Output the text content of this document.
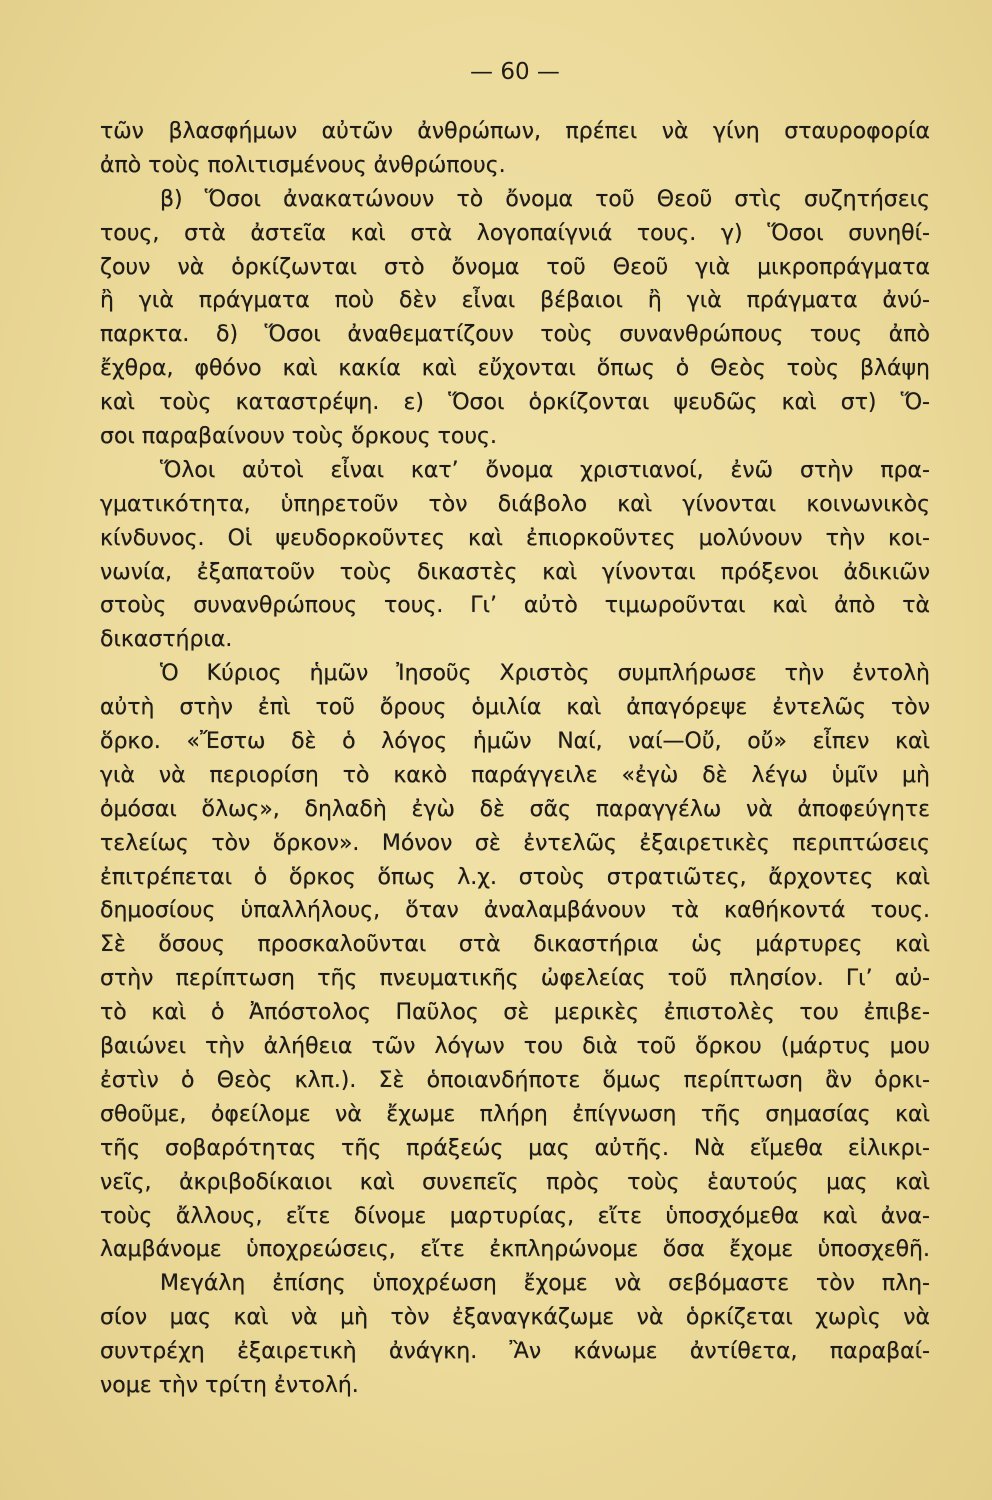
— 60 —
τῶν βλασφήμων αὐτῶν ἀνθρώπων, πρέπει νὰ γίνη σταυροφορία
ἀπὸ τοὺς πολιτισμένους ἀνθρώπους.
β) Ὅσοι ἀνακατώνουν τὸ ὄνομα τοῦ Θεοῦ στὶς συζητήσεις
τους, στὰ ἀστεῖα καὶ στὰ λογοπαίγνιά τους. γ) Ὅσοι συνηθί-
ζουν νὰ ὁρκίζωνται στὸ ὄνομα τοῦ Θεοῦ γιὰ μικροπράγματα
ἢ γιὰ πράγματα ποὺ δὲν εἶναι βέβαιοι ἢ γιὰ πράγματα ἀνύ-
παρκτα. δ) Ὅσοι ἀναθεματίζουν τοὺς συνανθρώπους τους ἀπὸ
ἔχθρα, φθόνο καὶ κακία καὶ εὔχονται ὅπως ὁ Θεὸς τοὺς βλάψη
καὶ τοὺς καταστρέψη. ε) Ὅσοι ὁρκίζονται ψευδῶς καὶ στ) Ὅ-
σοι παραβαίνουν τοὺς ὅρκους τους.
Ὅλοι αὐτοὶ εἶναι κατ’ ὄνομα χριστιανοί, ἐνῶ στὴν πρα-
γματικότητα, ὑπηρετοῦν τὸν διάβολο καὶ γίνονται κοινωνικὸς
κίνδυνος. Οἱ ψευδορκοῦντες καὶ ἐπιορκοῦντες μολύνουν τὴν κοι-
νωνία, ἐξαπατοῦν τοὺς δικαστὲς καὶ γίνονται πρόξενοι ἀδικιῶν
στοὺς συνανθρώπους τους. Γι’ αὐτὸ τιμωροῦνται καὶ ἀπὸ τὰ
δικαστήρια.
Ὁ Κύριος ἡμῶν Ἰησοῦς Χριστὸς συμπλήρωσε τὴν ἐντολὴ
αὐτὴ στὴν ἐπὶ τοῦ ὄρους ὁμιλία καὶ ἀπαγόρεψε ἐντελῶς τὸν
ὅρκο. «Ἔστω δὲ ὁ λόγος ἡμῶν Ναί, ναί—Οὔ, οὔ» εἶπεν καὶ
γιὰ νὰ περιορίση τὸ κακὸ παράγγειλε «ἐγὼ δὲ λέγω ὑμῖν μὴ
ὀμόσαι ὅλως», δηλαδὴ ἐγὼ δὲ σᾶς παραγγέλω νὰ ἀποφεύγητε
τελείως τὸν ὅρκον». Μόνον σὲ ἐντελῶς ἐξαιρετικὲς περιπτώσεις
ἐπιτρέπεται ὁ ὅρκος ὅπως λ.χ. στοὺς στρατιῶτες, ἄρχοντες καὶ
δημοσίους ὑπαλλήλους, ὅταν ἀναλαμβάνουν τὰ καθήκοντά τους.
Σὲ ὅσους προσκαλοῦνται στὰ δικαστήρια ὡς μάρτυρες καὶ
στὴν περίπτωση τῆς πνευματικῆς ὠφελείας τοῦ πλησίον. Γι’ αὐ-
τὸ καὶ ὁ Ἀπόστολος Παῦλος σὲ μερικὲς ἐπιστολὲς του ἐπιβε-
βαιώνει τὴν ἀλήθεια τῶν λόγων του διὰ τοῦ ὅρκου (μάρτυς μου
ἐστὶν ὁ Θεὸς κλπ.). Σὲ ὁποιανδήποτε ὅμως περίπτωση ἂν ὁρκι-
σθοῦμε, ὀφείλομε νὰ ἔχωμε πλήρη ἐπίγνωση τῆς σημασίας καὶ
τῆς σοβαρότητας τῆς πράξεώς μας αὐτῆς. Νὰ εἴμεθα εἰλικρι-
νεῖς, ἀκριβοδίκαιοι καὶ συνεπεῖς πρὸς τοὺς ἑαυτούς μας καὶ
τοὺς ἄλλους, εἴτε δίνομε μαρτυρίας, εἴτε ὑποσχόμεθα καὶ ἀνα-
λαμβάνομε ὑποχρεώσεις, εἴτε ἐκπληρώνομε ὅσα ἔχομε ὑποσχεθῆ.
Μεγάλη ἐπίσης ὑποχρέωση ἔχομε νὰ σεβόμαστε τὸν πλη-
σίον μας καὶ νὰ μὴ τὸν ἐξαναγκάζωμε νὰ ὁρκίζεται χωρὶς νὰ
συντρέχη ἐξαιρετικὴ ἀνάγκη. Ἂν κάνωμε ἀντίθετα, παραβαί-
νομε τὴν τρίτη ἐντολή.
